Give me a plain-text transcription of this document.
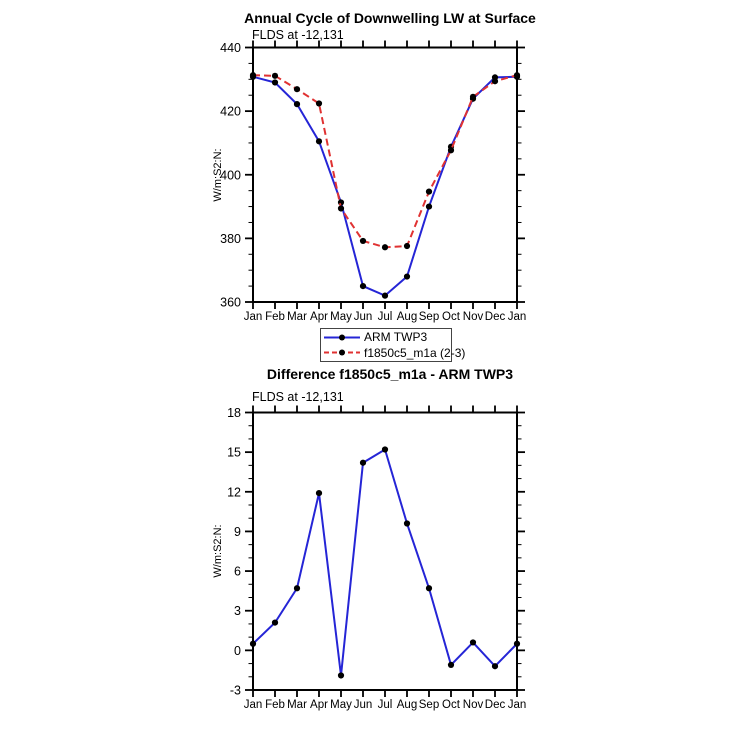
360
380
400
420
440
Jan Feb Mar Apr May Jun Jul Aug Sep Oct Nov Dec Jan
-3
0
3
6
9
12
15
18
Jan Feb Mar Apr May Jun Jul Aug Sep Oct Nov Dec Jan
Annual Cycle of Downwelling LW at Surface
FLDS at -12,131
W/m:S2:N:
ARM TWP3
f1850c5_m1a (2-3)
Difference f1850c5_m1a - ARM TWP3
FLDS at -12,131
W/m:S2:N:
